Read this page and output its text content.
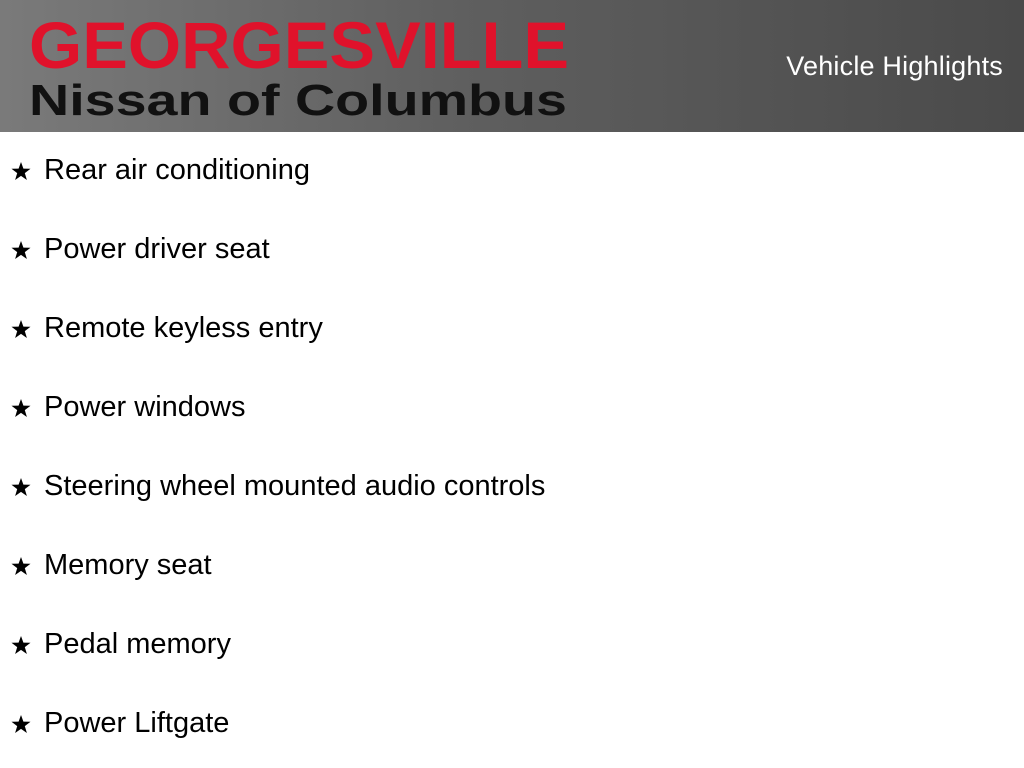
GEORGESVILLE
Nissan of Columbus
Vehicle Highlights
Rear air conditioning
Power driver seat
Remote keyless entry
Power windows
Steering wheel mounted audio controls
Memory seat
Pedal memory
Power Liftgate
